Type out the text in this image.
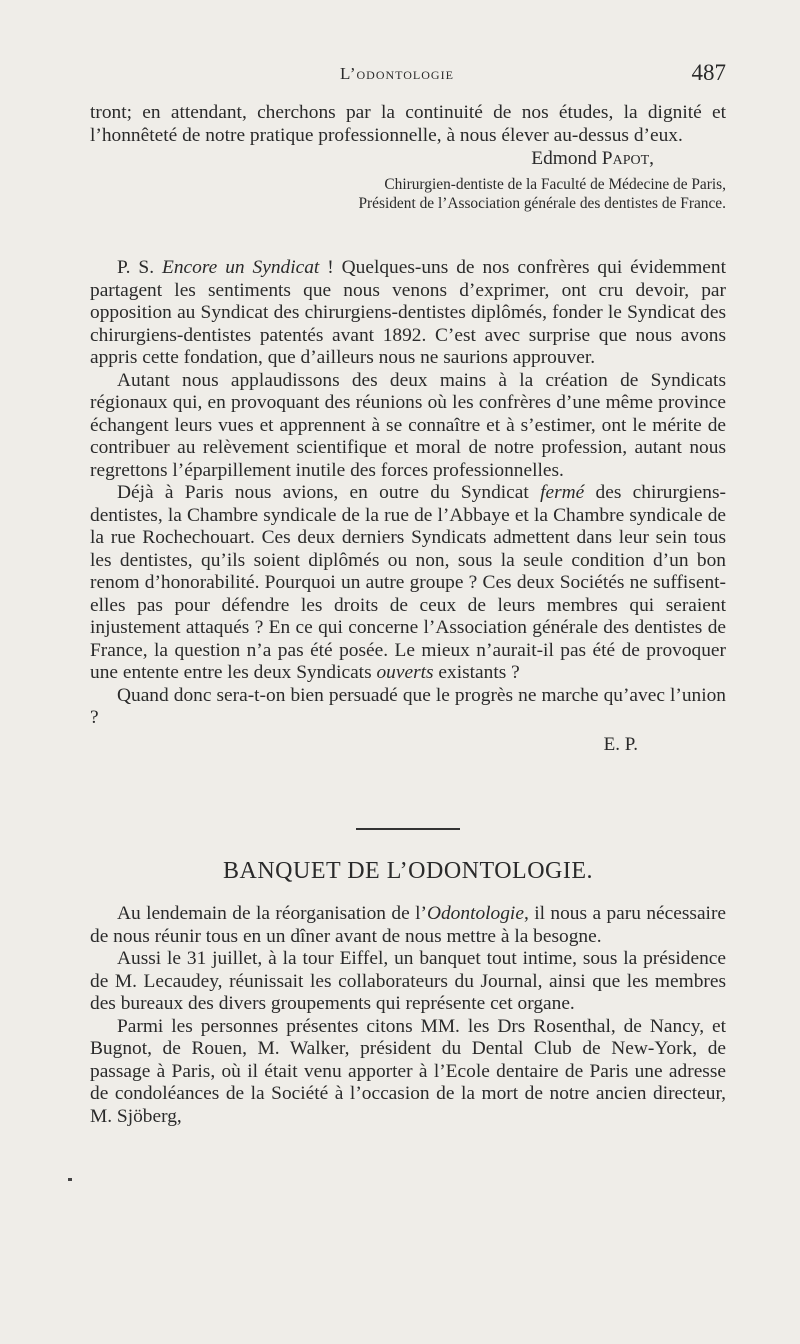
L’odontologie	487

tront; en attendant, cherchons par la continuité de nos études, la dignité et l’honnêteté de notre pratique professionnelle, à nous élever au-dessus d’eux.

Edmond Papot,

Chirurgien-dentiste de la Faculté de Médecine de Paris,

Président de l’Association générale des dentistes de France.

P. S. Encore un Syndicat ! Quelques-uns de nos confrères qui évidemment partagent les sentiments que nous venons d’exprimer, ont cru devoir, par opposition au Syndicat des chirurgiens-dentistes diplômés, fonder le Syndicat des chirurgiens-dentistes patentés avant 1892. C’est avec surprise que nous avons appris cette fondation, que d’ailleurs nous ne saurions approuver.

Autant nous applaudissons des deux mains à la création de Syndicats régionaux qui, en provoquant des réunions où les confrères d’une même province échangent leurs vues et apprennent à se connaître et à s’estimer, ont le mérite de contribuer au relèvement scientifique et moral de notre profession, autant nous regrettons l’éparpillement inutile des forces professionnelles.

Déjà à Paris nous avions, en outre du Syndicat fermé des chirurgiens-dentistes, la Chambre syndicale de la rue de l’Abbaye et la Chambre syndicale de la rue Rochechouart. Ces deux derniers Syndicats admettent dans leur sein tous les dentistes, qu’ils soient diplômés ou non, sous la seule condition d’un bon renom d’honorabilité. Pourquoi un autre groupe ? Ces deux Sociétés ne suffisent-elles pas pour défendre les droits de ceux de leurs membres qui seraient injustement attaqués ? En ce qui concerne l’Association générale des dentistes de France, la question n’a pas été posée. Le mieux n’aurait-il pas été de provoquer une entente entre les deux Syndicats ouverts existants ?

Quand donc sera-t-on bien persuadé que le progrès ne marche qu’avec l’union ?

E. P.

BANQUET DE L’ODONTOLOGIE.

Au lendemain de la réorganisation de l’Odontologie, il nous a paru nécessaire de nous réunir tous en un dîner avant de nous mettre à la besogne.

Aussi le 31 juillet, à la tour Eiffel, un banquet tout intime, sous la présidence de M. Lecaudey, réunissait les collaborateurs du Journal, ainsi que les membres des bureaux des divers groupements qui représente cet organe.

Parmi les personnes présentes citons MM. les Drs Rosenthal, de Nancy, et Bugnot, de Rouen, M. Walker, président du Dental Club de New-York, de passage à Paris, où il était venu apporter à l’Ecole dentaire de Paris une adresse de condoléances de la Société à l’occasion de la mort de notre ancien directeur, M. Sjöberg,
